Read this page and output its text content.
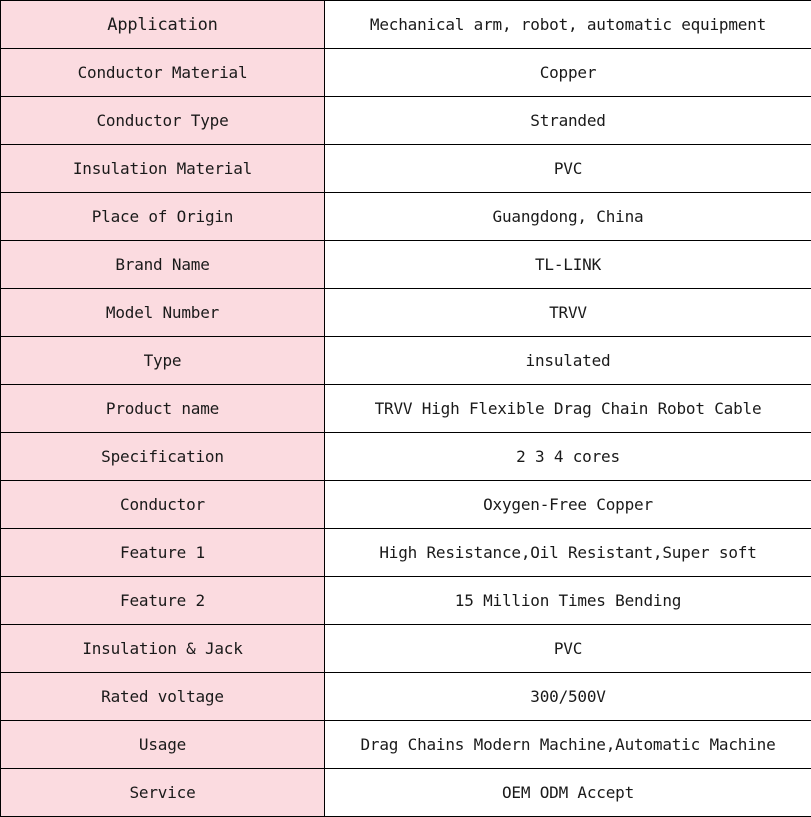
Application	Mechanical arm, robot, automatic equipment
Conductor Material	Copper
Conductor Type	Stranded
Insulation Material	PVC
Place of Origin	Guangdong, China
Brand Name	TL-LINK
Model Number	TRVV
Type	insulated
Product name	TRVV High Flexible Drag Chain Robot Cable
Specification	2 3 4 cores
Conductor	Oxygen-Free Copper
Feature 1	High Resistance,Oil Resistant,Super soft
Feature 2	15 Million Times Bending
Insulation & Jack	PVC
Rated voltage	300/500V
Usage	Drag Chains Modern Machine,Automatic Machine
Service	OEM ODM Accept
